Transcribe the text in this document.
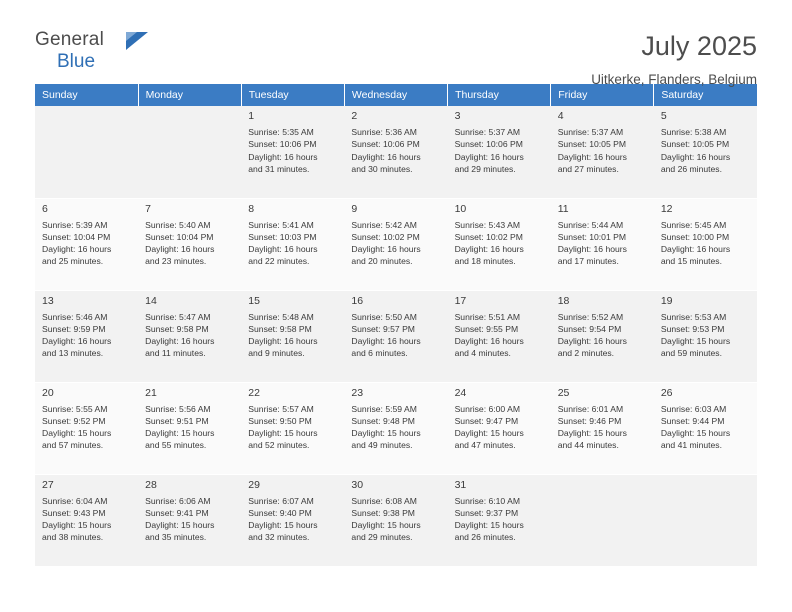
General
Blue
July 2025
Uitkerke, Flanders, Belgium
Sunday	Monday	Tuesday	Wednesday	Thursday	Friday	Saturday

		1
Sunrise: 5:35 AM
Sunset: 10:06 PM
Daylight: 16 hours
and 31 minutes.	2
Sunrise: 5:36 AM
Sunset: 10:06 PM
Daylight: 16 hours
and 30 minutes.	3
Sunrise: 5:37 AM
Sunset: 10:06 PM
Daylight: 16 hours
and 29 minutes.	4
Sunrise: 5:37 AM
Sunset: 10:05 PM
Daylight: 16 hours
and 27 minutes.	5
Sunrise: 5:38 AM
Sunset: 10:05 PM
Daylight: 16 hours
and 26 minutes.

6
Sunrise: 5:39 AM
Sunset: 10:04 PM
Daylight: 16 hours
and 25 minutes.	7
Sunrise: 5:40 AM
Sunset: 10:04 PM
Daylight: 16 hours
and 23 minutes.	8
Sunrise: 5:41 AM
Sunset: 10:03 PM
Daylight: 16 hours
and 22 minutes.	9
Sunrise: 5:42 AM
Sunset: 10:02 PM
Daylight: 16 hours
and 20 minutes.	10
Sunrise: 5:43 AM
Sunset: 10:02 PM
Daylight: 16 hours
and 18 minutes.	11
Sunrise: 5:44 AM
Sunset: 10:01 PM
Daylight: 16 hours
and 17 minutes.	12
Sunrise: 5:45 AM
Sunset: 10:00 PM
Daylight: 16 hours
and 15 minutes.

13
Sunrise: 5:46 AM
Sunset: 9:59 PM
Daylight: 16 hours
and 13 minutes.	14
Sunrise: 5:47 AM
Sunset: 9:58 PM
Daylight: 16 hours
and 11 minutes.	15
Sunrise: 5:48 AM
Sunset: 9:58 PM
Daylight: 16 hours
and 9 minutes.	16
Sunrise: 5:50 AM
Sunset: 9:57 PM
Daylight: 16 hours
and 6 minutes.	17
Sunrise: 5:51 AM
Sunset: 9:55 PM
Daylight: 16 hours
and 4 minutes.	18
Sunrise: 5:52 AM
Sunset: 9:54 PM
Daylight: 16 hours
and 2 minutes.	19
Sunrise: 5:53 AM
Sunset: 9:53 PM
Daylight: 15 hours
and 59 minutes.

20
Sunrise: 5:55 AM
Sunset: 9:52 PM
Daylight: 15 hours
and 57 minutes.	21
Sunrise: 5:56 AM
Sunset: 9:51 PM
Daylight: 15 hours
and 55 minutes.	22
Sunrise: 5:57 AM
Sunset: 9:50 PM
Daylight: 15 hours
and 52 minutes.	23
Sunrise: 5:59 AM
Sunset: 9:48 PM
Daylight: 15 hours
and 49 minutes.	24
Sunrise: 6:00 AM
Sunset: 9:47 PM
Daylight: 15 hours
and 47 minutes.	25
Sunrise: 6:01 AM
Sunset: 9:46 PM
Daylight: 15 hours
and 44 minutes.	26
Sunrise: 6:03 AM
Sunset: 9:44 PM
Daylight: 15 hours
and 41 minutes.

27
Sunrise: 6:04 AM
Sunset: 9:43 PM
Daylight: 15 hours
and 38 minutes.	28
Sunrise: 6:06 AM
Sunset: 9:41 PM
Daylight: 15 hours
and 35 minutes.	29
Sunrise: 6:07 AM
Sunset: 9:40 PM
Daylight: 15 hours
and 32 minutes.	30
Sunrise: 6:08 AM
Sunset: 9:38 PM
Daylight: 15 hours
and 29 minutes.	31
Sunrise: 6:10 AM
Sunset: 9:37 PM
Daylight: 15 hours
and 26 minutes.		
